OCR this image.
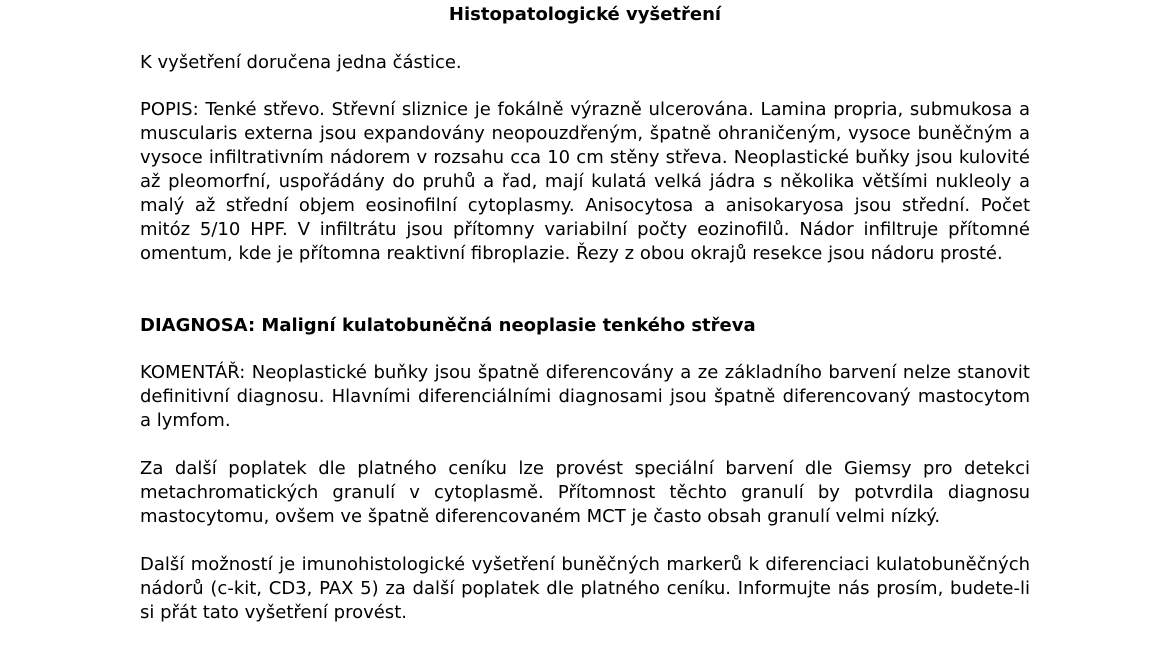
Histopatologické vyšetření
K vyšetření doručena jedna částice.
POPIS: Tenké střevo. Střevní sliznice je fokálně výrazně ulcerována. Lamina propria, submukosa a muscularis externa jsou expandovány neopouzdřeným, špatně ohraničeným, vysoce buněčným a vysoce infiltrativním nádorem v rozsahu cca 10 cm stěny střeva. Neoplastické buňky jsou kulovité až pleomorfní, uspořádány do pruhů a řad, mají kulatá velká jádra s několika většími nukleoly a malý až střední objem eosinofilní cytoplasmy. Anisocytosa a anisokaryosa jsou střední. Počet mitóz 5/10 HPF. V infiltrátu jsou přítomny variabilní počty eozinofilů. Nádor infiltruje přítomné omentum, kde je přítomna reaktivní fibroplazie. Řezy z obou okrajů resekce jsou nádoru prosté.
DIAGNOSA: Maligní kulatobuněčná neoplasie tenkého střeva
KOMENTÁŘ: Neoplastické buňky jsou špatně diferencovány a ze základního barvení nelze stanovit definitivní diagnosu. Hlavními diferenciálními diagnosami jsou špatně diferencovaný mastocytom a lymfom.
Za další poplatek dle platného ceníku lze provést speciální barvení dle Giemsy pro detekci metachromatických granulí v cytoplasmě. Přítomnost těchto granulí by potvrdila diagnosu mastocytomu, ovšem ve špatně diferencovaném MCT je často obsah granulí velmi nízký.
Další možností je imunohistologické vyšetření buněčných markerů k diferenciaci kulatobuněčných nádorů (c-kit, CD3, PAX 5) za další poplatek dle platného ceníku. Informujte nás prosím, budete-li si přát tato vyšetření provést.
